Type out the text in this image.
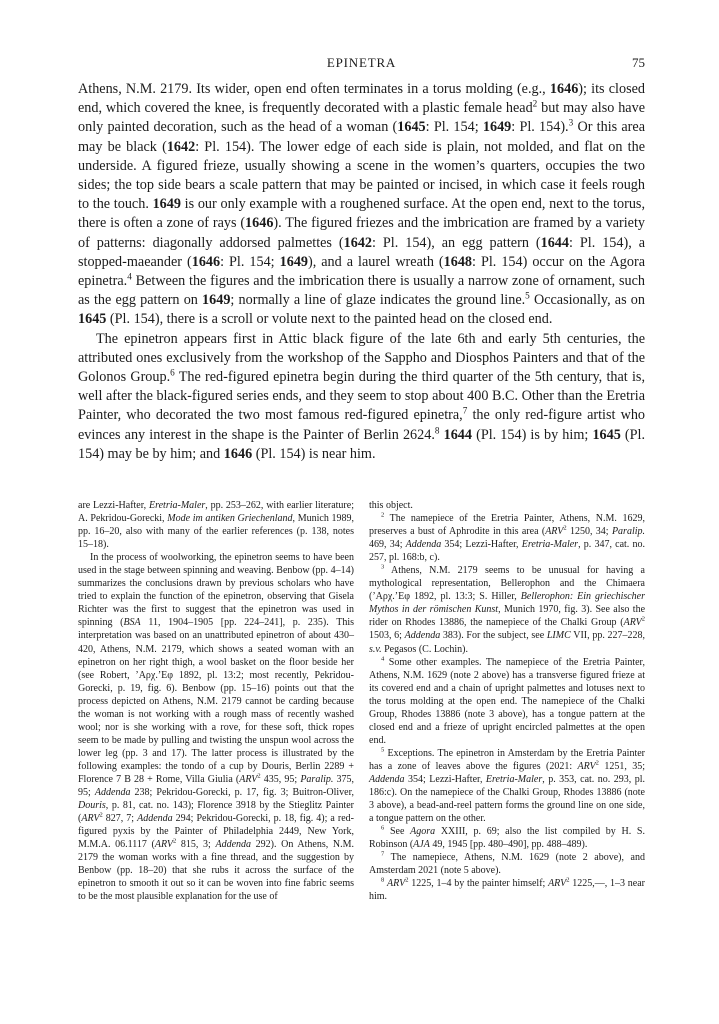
EPINETRA	75

Athens, N.M. 2179. Its wider, open end often terminates in a torus molding (e.g., 1646); its closed end, which covered the knee, is frequently decorated with a plastic female head$^2$ but may also have only painted decoration, such as the head of a woman (1645: Pl. 154; 1649: Pl. 154).$^3$ Or this area may be black (1642: Pl. 154). The lower edge of each side is plain, not molded, and flat on the underside. A figured frieze, usually showing a scene in the women’s quarters, occupies the two sides; the top side bears a scale pattern that may be painted or incised, in which case it feels rough to the touch. 1649 is our only example with a roughened surface. At the open end, next to the torus, there is often a zone of rays (1646). The figured friezes and the imbrication are framed by a variety of patterns: diagonally addorsed palmettes (1642: Pl. 154), an egg pattern (1644: Pl. 154), a stopped-maeander (1646: Pl. 154; 1649), and a laurel wreath (1648: Pl. 154) occur on the Agora epinetra.$^4$ Between the figures and the imbrication there is usually a narrow zone of ornament, such as the egg pattern on 1649; normally a line of glaze indicates the ground line.$^5$ Occasionally, as on 1645 (Pl. 154), there is a scroll or volute next to the painted head on the closed end.

The epinetron appears first in Attic black figure of the late 6th and early 5th centuries, the attributed ones exclusively from the workshop of the Sappho and Diosphos Painters and that of the Golonos Group.$^6$ The red-figured epinetra begin during the third quarter of the 5th century, that is, well after the black-figured series ends, and they seem to stop about 400 B.C. Other than the Eretria Painter, who decorated the two most famous red-figured epinetra,$^7$ the only red-figure artist who evinces any interest in the shape is the Painter of Berlin 2624.$^8$ 1644 (Pl. 154) is by him; 1645 (Pl. 154) may be by him; and 1646 (Pl. 154) is near him.

are Lezzi-Hafter, Eretria-Maler, pp. 253–262, with earlier literature; A. Pekridou-Gorecki, Mode im antiken Griechenland, Munich 1989, pp. 16–20, also with many of the earlier references (p. 138, notes 15–18).

In the process of woolworking, the epinetron seems to have been used in the stage between spinning and weaving. Benbow (pp. 4–14) summarizes the conclusions drawn by previous scholars who have tried to explain the function of the epinetron, observing that Gisela Richter was the first to suggest that the epinetron was used in spinning (BSA 11, 1904–1905 [pp. 224–241], p. 235). This interpretation was based on an unattributed epinetron of about 430–420, Athens, N.M. 2179, which shows a seated woman with an epinetron on her right thigh, a wool basket on the floor beside her (see Robert, ’Αρχ.’Εφ 1892, pl. 13:2; most recently, Pekridou-Gorecki, p. 19, fig. 6). Benbow (pp. 15–16) points out that the process depicted on Athens, N.M. 2179 cannot be carding because the woman is not working with a rough mass of recently washed wool; nor is she working with a rove, for these soft, thick ropes seem to be made by pulling and twisting the unspun wool across the lower leg (pp. 3 and 17). The latter process is illustrated by the following examples: the tondo of a cup by Douris, Berlin 2289 + Florence 7 B 28 + Rome, Villa Giulia (ARV$^2$ 435, 95; Paralip. 375, 95; Addenda 238; Pekridou-Gorecki, p. 17, fig. 3; Buitron-Oliver, Douris, p. 81, cat. no. 143); Florence 3918 by the Stieglitz Painter (ARV$^2$ 827, 7; Addenda 294; Pekridou-Gorecki, p. 18, fig. 4); a red-figured pyxis by the Painter of Philadelphia 2449, New York, M.M.A. 06.1117 (ARV$^2$ 815, 3; Addenda 292). On Athens, N.M. 2179 the woman works with a fine thread, and the suggestion by Benbow (pp. 18–20) that she rubs it across the surface of the epinetron to smooth it out so it can be woven into fine fabric seems to be the most plausible explanation for the use of

this object.

$^2$ The namepiece of the Eretria Painter, Athens, N.M. 1629, preserves a bust of Aphrodite in this area (ARV$^2$ 1250, 34; Paralip. 469, 34; Addenda 354; Lezzi-Hafter, Eretria-Maler, p. 347, cat. no. 257, pl. 168:b, c).

$^3$ Athens, N.M. 2179 seems to be unusual for having a mythological representation, Bellerophon and the Chimaera (’Αρχ.’Εφ 1892, pl. 13:3; S. Hiller, Bellerophon: Ein griechischer Mythos in der römischen Kunst, Munich 1970, fig. 3). See also the rider on Rhodes 13886, the namepiece of the Chalki Group (ARV$^2$ 1503, 6; Addenda 383). For the subject, see LIMC VII, pp. 227–228, s.v. Pegasos (C. Lochin).

$^4$ Some other examples. The namepiece of the Eretria Painter, Athens, N.M. 1629 (note 2 above) has a transverse figured frieze at its covered end and a chain of upright palmettes and lotuses next to the torus molding at the open end. The namepiece of the Chalki Group, Rhodes 13886 (note 3 above), has a tongue pattern at the closed end and a frieze of upright encircled palmettes at the open end.

$^5$ Exceptions. The epinetron in Amsterdam by the Eretria Painter has a zone of leaves above the figures (2021: ARV$^2$ 1251, 35; Addenda 354; Lezzi-Hafter, Eretria-Maler, p. 353, cat. no. 293, pl. 186:c). On the namepiece of the Chalki Group, Rhodes 13886 (note 3 above), a bead-and-reel pattern forms the ground line on one side, a tongue pattern on the other.

$^6$ See Agora XXIII, p. 69; also the list compiled by H. S. Robinson (AJA 49, 1945 [pp. 480–490], pp. 488–489).

$^7$ The namepiece, Athens, N.M. 1629 (note 2 above), and Amsterdam 2021 (note 5 above).

$^8$ ARV$^2$ 1225, 1–4 by the painter himself; ARV$^2$ 1225,—, 1–3 near him.
